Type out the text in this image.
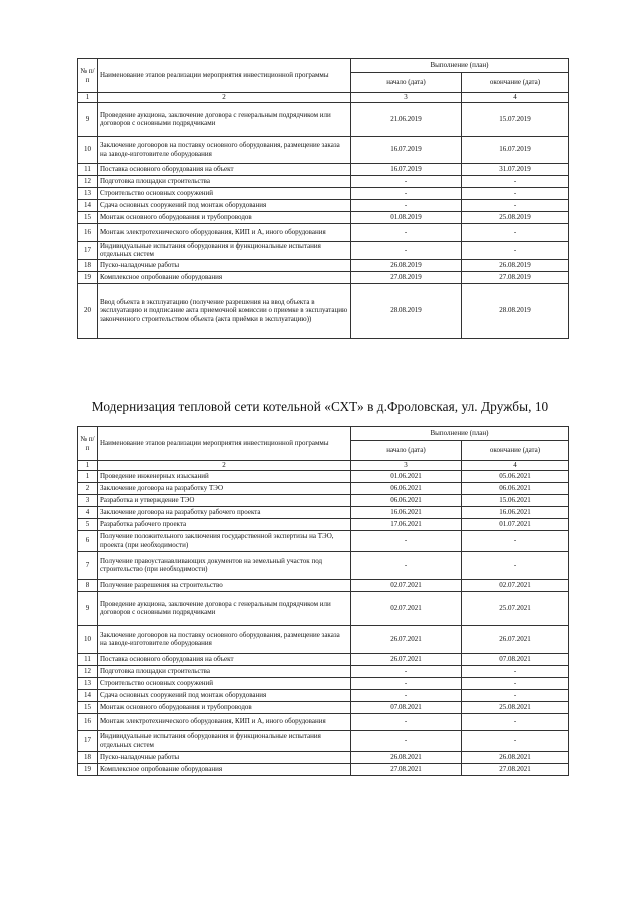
№ п/п	Наименование этапов реализации мероприятия инвестиционной программы	Выполнение (план)	
		начало (дата)	окончание (дата)
1	2	3	4
9	Проведение аукциона, заключение договора с генеральным подрядчиком или договоров с основными подрядчиками	21.06.2019	15.07.2019
10	Заключение договоров на поставку основного оборудования, размещение заказа на заводе-изготовителе оборудования	16.07.2019	16.07.2019
11	Поставка основного оборудования на объект	16.07.2019	31.07.2019
12	Подготовка площадки строительства	-	-
13	Строительство основных сооружений	-	-
14	Сдача основных сооружений под монтаж оборудования	-	-
15	Монтаж основного оборудования и трубопроводов	01.08.2019	25.08.2019
16	Монтаж электротехнического оборудования, КИП и А, иного оборудования	-	-
17	Индивидуальные испытания оборудования и функциональные испытания отдельных систем	-	-
18	Пуско-наладочные работы	26.08.2019	26.08.2019
19	Комплексное опробование оборудования	27.08.2019	27.08.2019
20	Ввод объекта в эксплуатацию (получение разрешения на ввод объекта в эксплуатацию и подписание акта приемочной комиссии о приемке в эксплуатацию законченного строительством объекта (акта приёмки в эксплуатацию))	28.08.2019	28.08.2019
Модернизация тепловой сети котельной «СХТ» в д.Фроловская, ул. Дружбы, 10
№ п/п	Наименование этапов реализации мероприятия инвестиционной программы	Выполнение (план)	
		начало (дата)	окончание (дата)
1	2	3	4
1	Проведение инженерных изысканий	01.06.2021	05.06.2021
2	Заключение договора на разработку ТЭО	06.06.2021	06.06.2021
3	Разработка и утверждение ТЭО	06.06.2021	15.06.2021
4	Заключение договора на разработку рабочего проекта	16.06.2021	16.06.2021
5	Разработка рабочего проекта	17.06.2021	01.07.2021
6	Получение положительного заключения государственной экспертизы на ТЭО, проекта (при необходимости)	-	-
7	Получение правоустанавливающих документов на земельный участок под строительство (при необходимости)	-	-
8	Получение разрешения на строительство	02.07.2021	02.07.2021
9	Проведение аукциона, заключение договора с генеральным подрядчиком или договоров с основными подрядчиками	02.07.2021	25.07.2021
10	Заключение договоров на поставку основного оборудования, размещение заказа на заводе-изготовителе оборудования	26.07.2021	26.07.2021
11	Поставка основного оборудования на объект	26.07.2021	07.08.2021
12	Подготовка площадки строительства	-	-
13	Строительство основных сооружений	-	-
14	Сдача основных сооружений под монтаж оборудования	-	-
15	Монтаж основного оборудования и трубопроводов	07.08.2021	25.08.2021
16	Монтаж электротехнического оборудования, КИП и А, иного оборудования	-	-
17	Индивидуальные испытания оборудования и функциональные испытания отдельных систем	-	-
18	Пуско-наладочные работы	26.08.2021	26.08.2021
19	Комплексное опробование оборудования	27.08.2021	27.08.2021
